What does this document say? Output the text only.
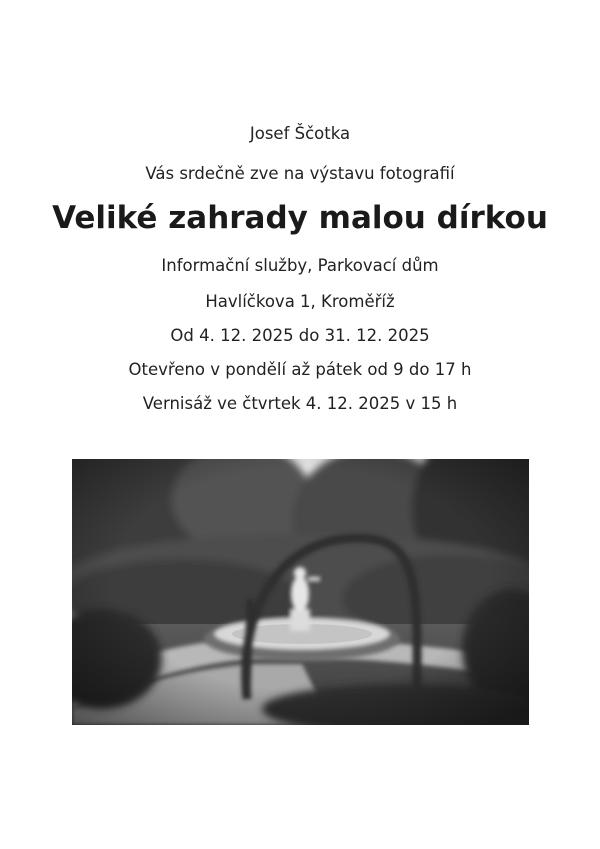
Josef Ščotka
Vás srdečně zve na výstavu fotografií
Veliké zahrady malou dírkou
Informační služby, Parkovací dům
Havlíčkova 1, Kroměříž
Od 4. 12. 2025 do 31. 12. 2025
Otevřeno v pondělí až pátek od 9 do 17 h
Vernisáž ve čtvrtek 4. 12. 2025 v 15 h
